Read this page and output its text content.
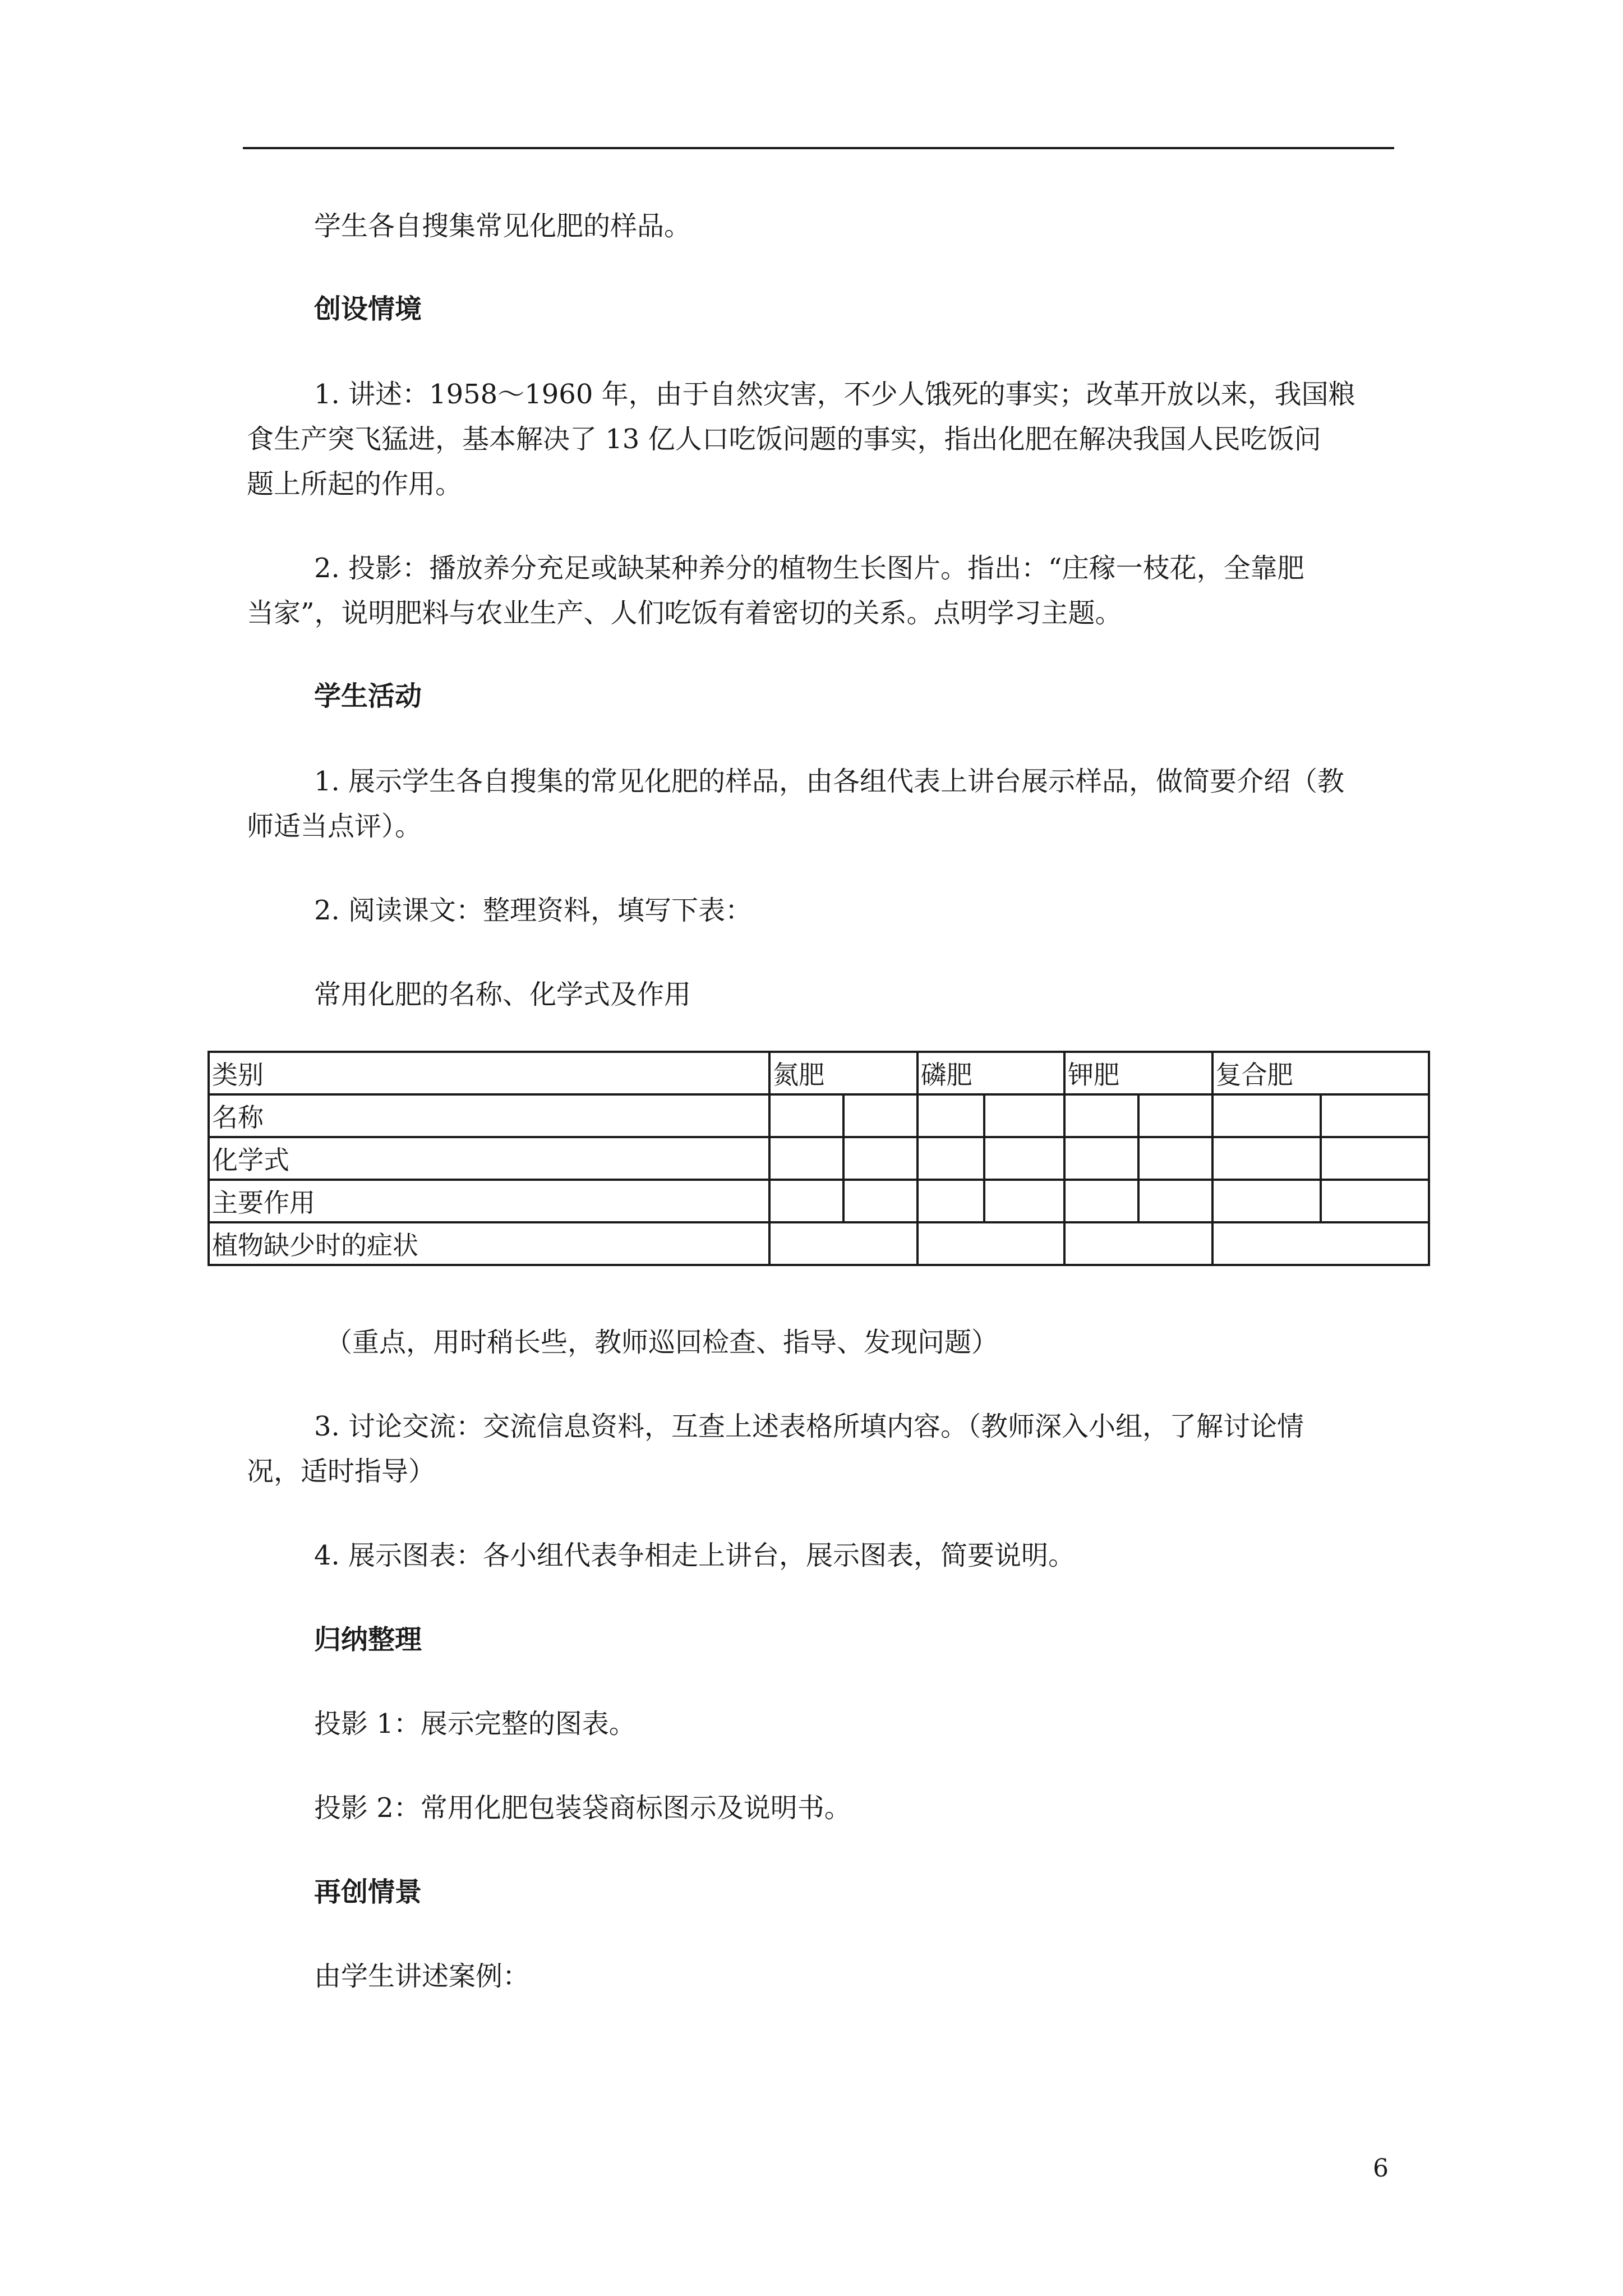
学生各自搜集常见化肥的样品。

创设情境

1. 讲述：1958～1960 年，由于自然灾害，不少人饿死的事实；改革开放以来，我国粮

食生产突飞猛进，基本解决了 13 亿人口吃饭问题的事实，指出化肥在解决我国人民吃饭问

题上所起的作用。

2. 投影：播放养分充足或缺某种养分的植物生长图片。指出：“庄稼一枝花，全靠肥

当家”，说明肥料与农业生产、人们吃饭有着密切的关系。点明学习主题。

学生活动

1. 展示学生各自搜集的常见化肥的样品，由各组代表上讲台展示样品，做简要介绍（教

师适当点评）。

2. 阅读课文：整理资料，填写下表：

常用化肥的名称、化学式及作用

类别	氮肥		磷肥		钾肥		复合肥	
名称								
化学式								
主要作用								
植物缺少时的症状								

（重点，用时稍长些，教师巡回检查、指导、发现问题）

3. 讨论交流：交流信息资料，互查上述表格所填内容。（教师深入小组，了解讨论情

况，适时指导）

4. 展示图表：各小组代表争相走上讲台，展示图表，简要说明。

归纳整理

投影 1：展示完整的图表。

投影 2：常用化肥包装袋商标图示及说明书。

再创情景

由学生讲述案例：

6
